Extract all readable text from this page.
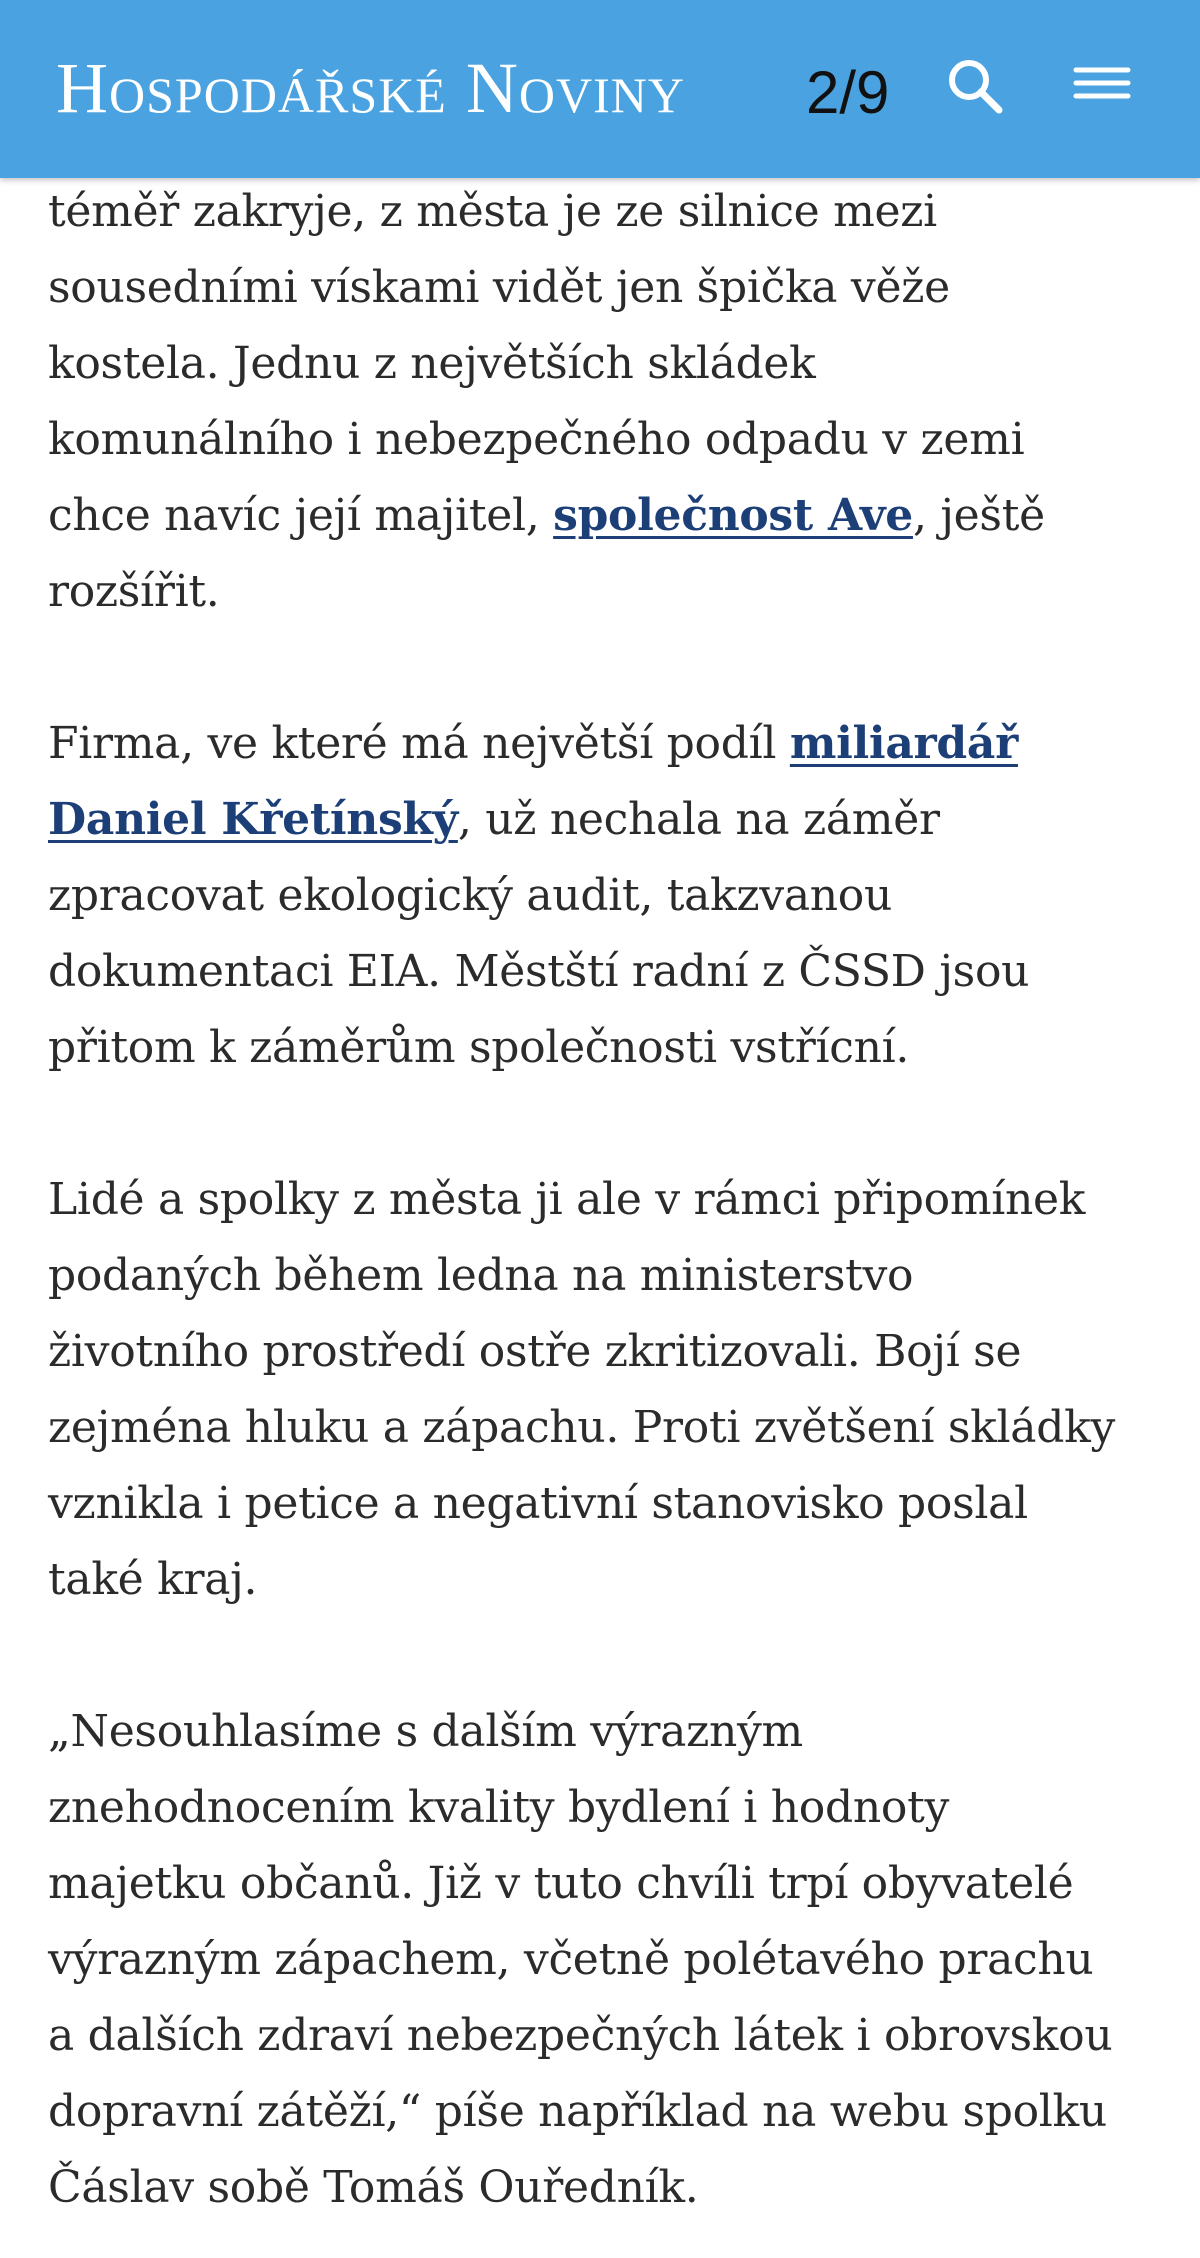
Hospodářské Noviny 2/9

téměř zakryje, z města je ze silnice mezi
sousedními vískami vidět jen špička věže
kostela. Jednu z největších skládek
komunálního i nebezpečného odpadu v zemi
chce navíc její majitel, společnost Ave, ještě
rozšířit.

Firma, ve které má největší podíl miliardář
Daniel Křetínský, už nechala na záměr
zpracovat ekologický audit, takzvanou
dokumentaci EIA. Městští radní z ČSSD jsou
přitom k záměrům společnosti vstřícní.

Lidé a spolky z města ji ale v rámci připomínek
podaných během ledna na ministerstvo
životního prostředí ostře zkritizovali. Bojí se
zejména hluku a zápachu. Proti zvětšení skládky
vznikla i petice a negativní stanovisko poslal
také kraj.

„Nesouhlasíme s dalším výrazným
znehodnocením kvality bydlení i hodnoty
majetku občanů. Již v tuto chvíli trpí obyvatelé
výrazným zápachem, včetně polétavého prachu
a dalších zdraví nebezpečných látek i obrovskou
dopravní zátěží,“ píše například na webu spolku
Čáslav sobě Tomáš Ouředník.
